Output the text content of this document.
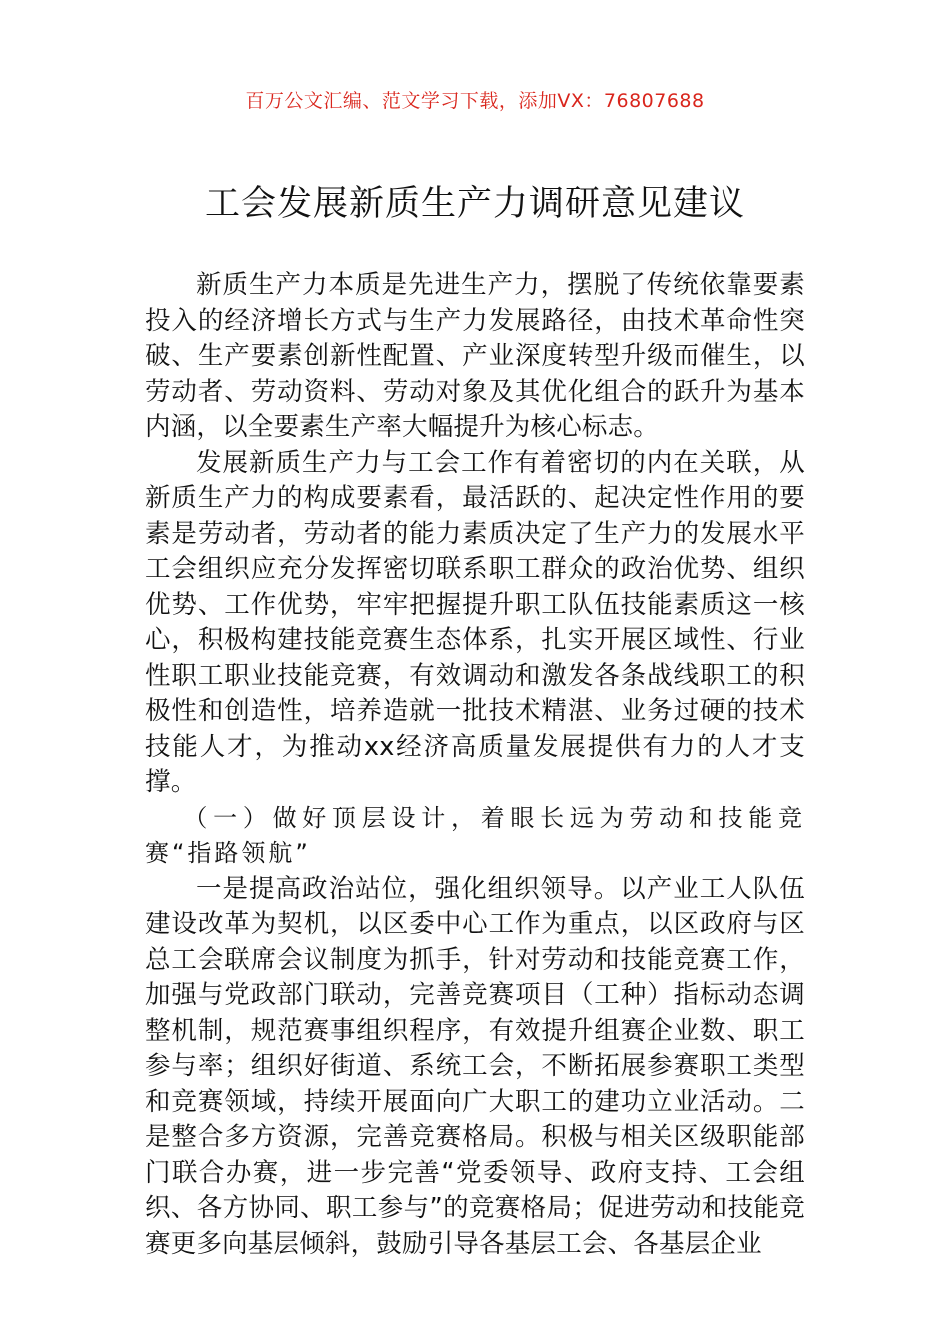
百万公文汇编、范文学习下载，添加VX：76807688
工会发展新质生产力调研意见建议

新质生产力本质是先进生产力，摆脱了传统依靠要素投入的经济增长方式与生产力发展路径，由技术革命性突破、生产要素创新性配置、产业深度转型升级而催生，以劳动者、劳动资料、劳动对象及其优化组合的跃升为基本内涵，以全要素生产率大幅提升为核心标志。

发展新质生产力与工会工作有着密切的内在关联，从新质生产力的构成要素看，最活跃的、起决定性作用的要素是劳动者，劳动者的能力素质决定了生产力的发展水平工会组织应充分发挥密切联系职工群众的政治优势、组织优势、工作优势，牢牢把握提升职工队伍技能素质这一核心，积极构建技能竞赛生态体系，扎实开展区域性、行业性职工职业技能竞赛，有效调动和激发各条战线职工的积极性和创造性，培养造就一批技术精湛、业务过硬的技术技能人才，为推动xx经济高质量发展提供有力的人才支撑。

（一）做好顶层设计，着眼长远为劳动和技能竞赛“指路领航”

一是提高政治站位，强化组织领导。以产业工人队伍建设改革为契机，以区委中心工作为重点，以区政府与区总工会联席会议制度为抓手，针对劳动和技能竞赛工作，加强与党政部门联动，完善竞赛项目（工种）指标动态调整机制，规范赛事组织程序，有效提升组赛企业数、职工参与率；组织好街道、系统工会，不断拓展参赛职工类型和竞赛领域，持续开展面向广大职工的建功立业活动。二是整合多方资源，完善竞赛格局。积极与相关区级职能部门联合办赛，进一步完善“党委领导、政府支持、工会组织、各方协同、职工参与”的竞赛格局；促进劳动和技能竞赛更多向基层倾斜，鼓励引导各基层工会、各基层企业
